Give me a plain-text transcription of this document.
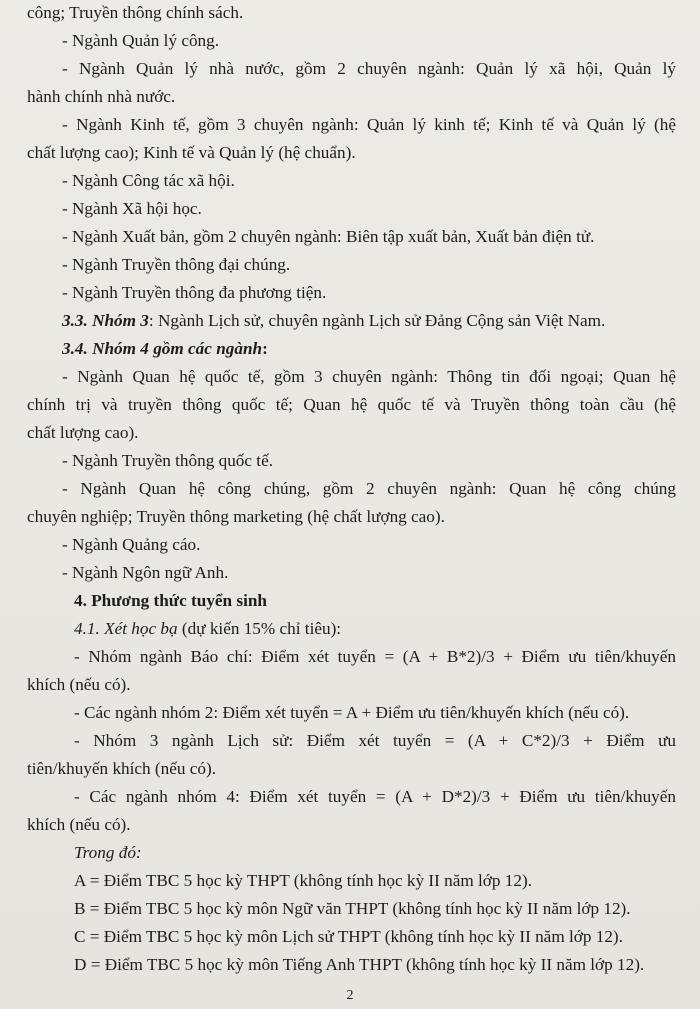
công; Truyền thông chính sách.
- Ngành Quản lý công.
- Ngành Quản lý nhà nước, gồm 2 chuyên ngành: Quản lý xã hội, Quản lý
hành chính nhà nước.
- Ngành Kinh tế, gồm 3 chuyên ngành: Quản lý kinh tế; Kinh tế và Quản lý (hệ
chất lượng cao); Kinh tế và Quản lý (hệ chuẩn).
- Ngành Công tác xã hội.
- Ngành Xã hội học.
- Ngành Xuất bản, gồm 2 chuyên ngành: Biên tập xuất bản, Xuất bản điện tử.
- Ngành Truyền thông đại chúng.
- Ngành Truyền thông đa phương tiện.
3.3. Nhóm 3: Ngành Lịch sử, chuyên ngành Lịch sử Đảng Cộng sản Việt Nam.
3.4. Nhóm 4 gồm các ngành:
- Ngành Quan hệ quốc tế, gồm 3 chuyên ngành: Thông tin đối ngoại; Quan hệ
chính trị và truyền thông quốc tế; Quan hệ quốc tế và Truyền thông toàn cầu (hệ
chất lượng cao).
- Ngành Truyền thông quốc tế.
- Ngành Quan hệ công chúng, gồm 2 chuyên ngành: Quan hệ công chúng
chuyên nghiệp; Truyền thông marketing (hệ chất lượng cao).
- Ngành Quảng cáo.
- Ngành Ngôn ngữ Anh.
4. Phương thức tuyển sinh
4.1. Xét học bạ (dự kiến 15% chỉ tiêu):
- Nhóm ngành Báo chí: Điểm xét tuyển = (A + B*2)/3 + Điểm ưu tiên/khuyến
khích (nếu có).
- Các ngành nhóm 2: Điểm xét tuyển = A + Điểm ưu tiên/khuyến khích (nếu có).
- Nhóm 3 ngành Lịch sử: Điểm xét tuyển = (A + C*2)/3 + Điểm ưu
tiên/khuyến khích (nếu có).
- Các ngành nhóm 4: Điểm xét tuyển = (A + D*2)/3 + Điểm ưu tiên/khuyến
khích (nếu có).
Trong đó:
A = Điểm TBC 5 học kỳ THPT (không tính học kỳ II năm lớp 12).
B = Điểm TBC 5 học kỳ môn Ngữ văn THPT (không tính học kỳ II năm lớp 12).
C = Điểm TBC 5 học kỳ môn Lịch sử THPT (không tính học kỳ II năm lớp 12).
D = Điểm TBC 5 học kỳ môn Tiếng Anh THPT (không tính học kỳ II năm lớp 12).
2
